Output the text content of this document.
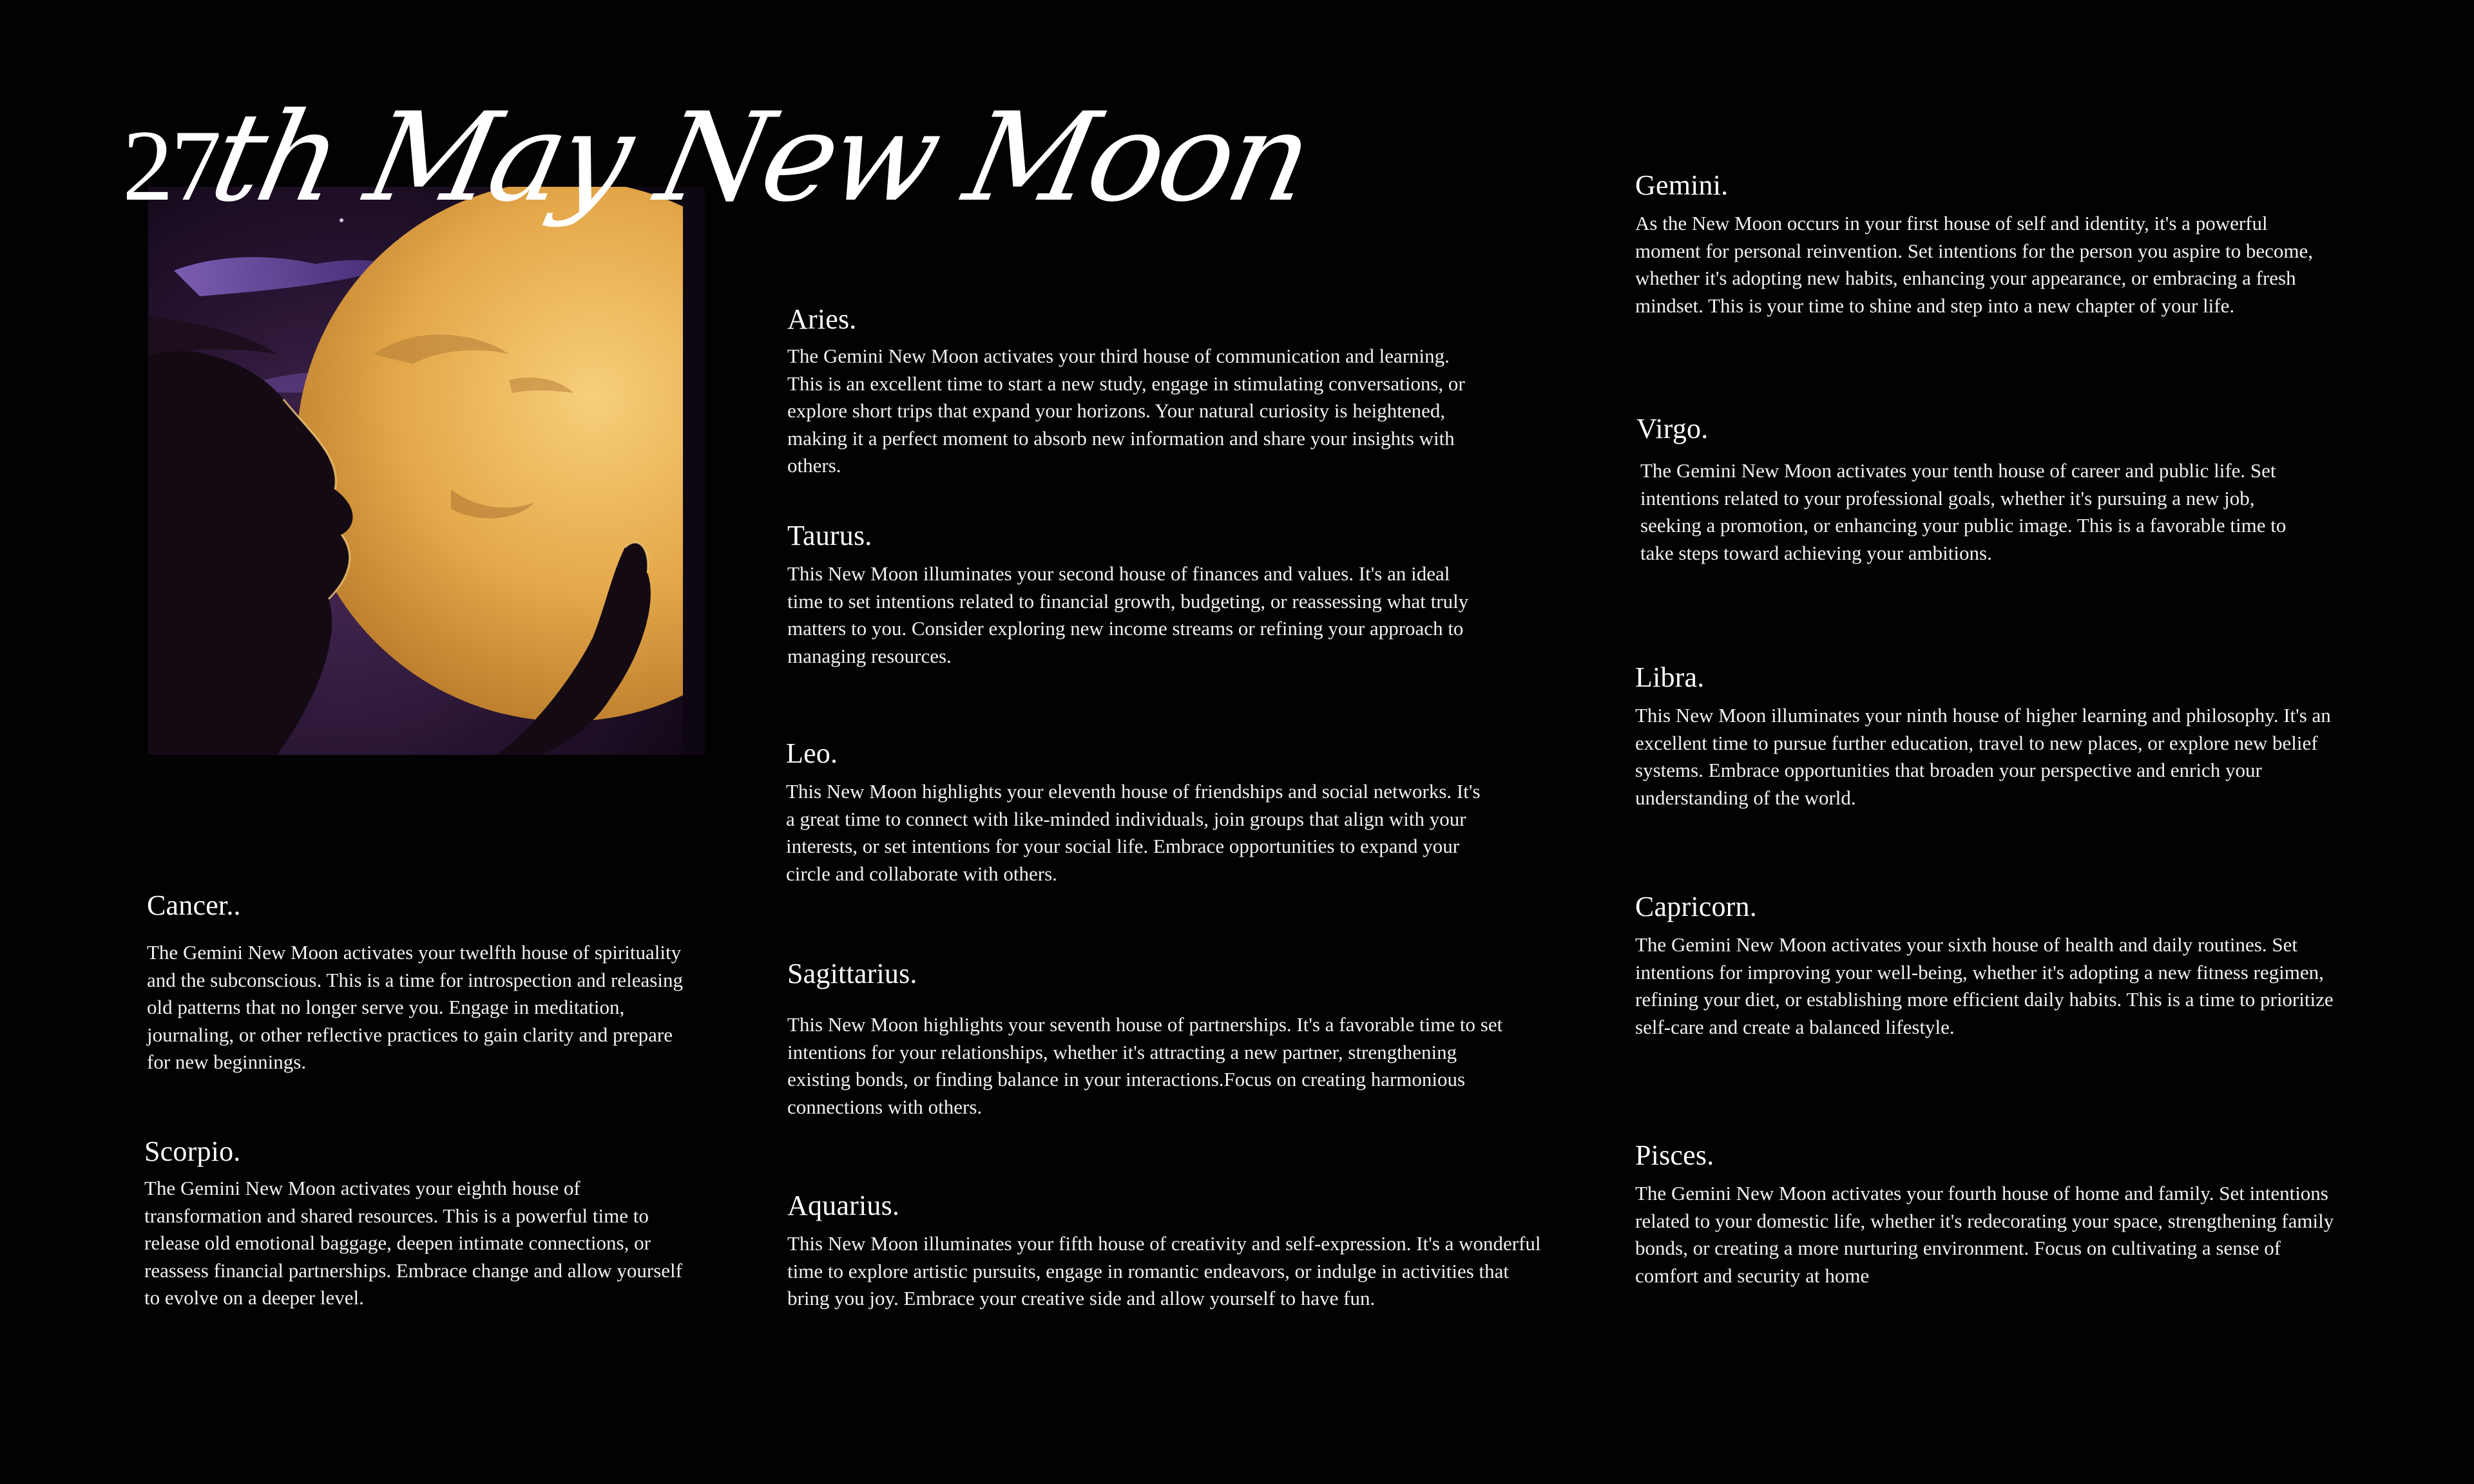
27
th May New Moon
Cancer..

The Gemini New Moon activates your twelfth house of spirituality and the subconscious. This is a time for introspection and releasing old patterns that no longer serve you. Engage in meditation, journaling, or other reflective practices to gain clarity and prepare for new beginnings.

Scorpio.

The Gemini New Moon activates your eighth house of transformation and shared resources. This is a powerful time to release old emotional baggage, deepen intimate connections, or reassess financial partnerships. Embrace change and allow yourself to evolve on a deeper level.

Aries.

The Gemini New Moon activates your third house of communication and learning. This is an excellent time to start a new study, engage in stimulating conversations, or explore short trips that expand your horizons. Your natural curiosity is heightened, making it a perfect moment to absorb new information and share your insights with others.

Taurus.

This New Moon illuminates your second house of finances and values. It's an ideal time to set intentions related to financial growth, budgeting, or reassessing what truly matters to you. Consider exploring new income streams or refining your approach to managing resources.

Leo.

This New Moon highlights your eleventh house of friendships and social networks. It's a great time to connect with like-minded individuals, join groups that align with your interests, or set intentions for your social life. Embrace opportunities to expand your circle and collaborate with others.

Sagittarius.

This New Moon highlights your seventh house of partnerships. It's a favorable time to set intentions for your relationships, whether it's attracting a new partner, strengthening existing bonds, or finding balance in your interactions.Focus on creating harmonious connections with others.

Aquarius.

This New Moon illuminates your fifth house of creativity and self-expression. It's a wonderful time to explore artistic pursuits, engage in romantic endeavors, or indulge in activities that bring you joy. Embrace your creative side and allow yourself to have fun.

Gemini.

As the New Moon occurs in your first house of self and identity, it's a powerful moment for personal reinvention. Set intentions for the person you aspire to become, whether it's adopting new habits, enhancing your appearance, or embracing a fresh mindset. This is your time to shine and step into a new chapter of your life.

Virgo.

The Gemini New Moon activates your tenth house of career and public life. Set intentions related to your professional goals, whether it's pursuing a new job, seeking a promotion, or enhancing your public image. This is a favorable time to take steps toward achieving your ambitions.

Libra.

This New Moon illuminates your ninth house of higher learning and philosophy. It's an excellent time to pursue further education, travel to new places, or explore new belief systems. Embrace opportunities that broaden your perspective and enrich your understanding of the world.

Capricorn.

The Gemini New Moon activates your sixth house of health and daily routines. Set intentions for improving your well-being, whether it's adopting a new fitness regimen, refining your diet, or establishing more efficient daily habits. This is a time to prioritize self-care and create a balanced lifestyle.

Pisces.

The Gemini New Moon activates your fourth house of home and family. Set intentions related to your domestic life, whether it's redecorating your space, strengthening family bonds, or creating a more nurturing environment. Focus on cultivating a sense of comfort and security at home
